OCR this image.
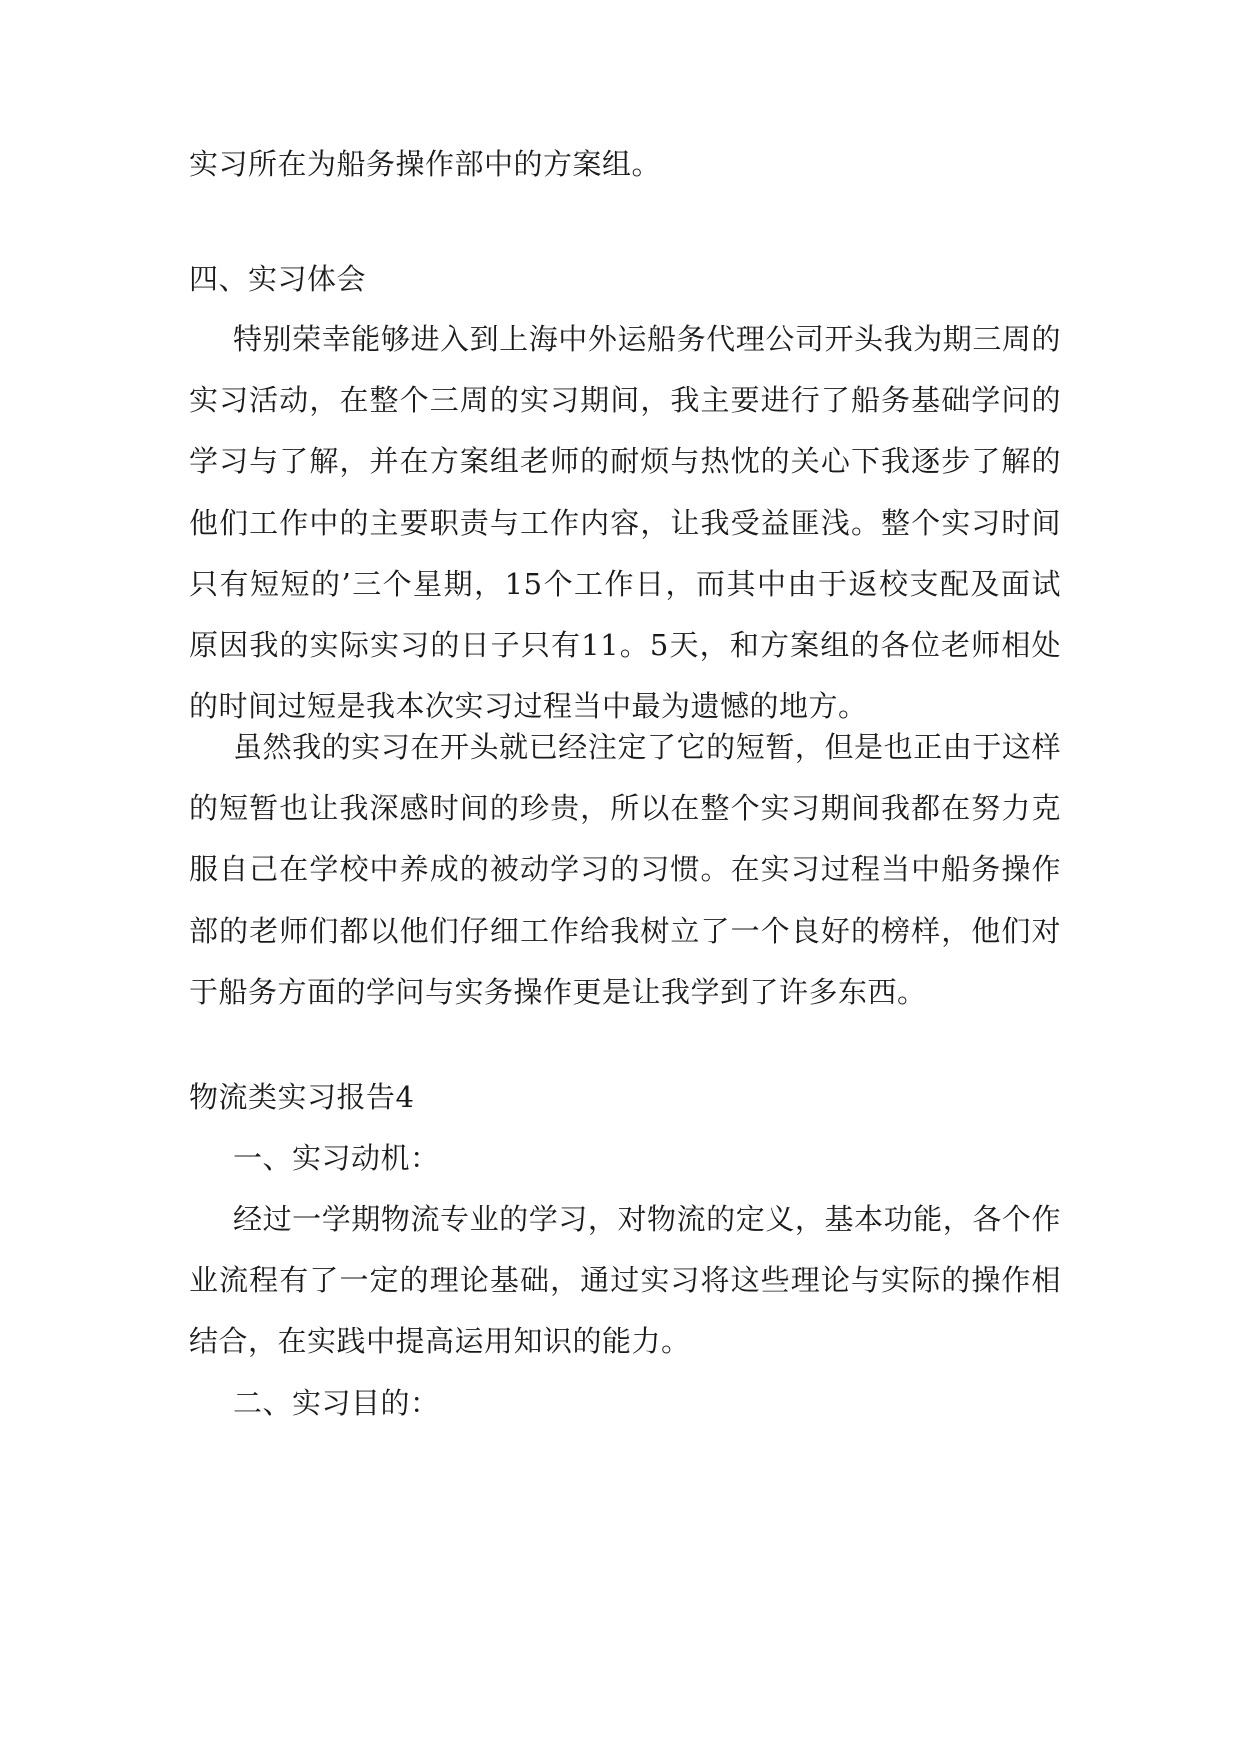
实习所在为船务操作部中的方案组。

四、实习体会

特别荣幸能够进入到上海中外运船务代理公司开头我为期三周的实习活动，在整个三周的实习期间，我主要进行了船务基础学问的学习与了解，并在方案组老师的耐烦与热忱的关心下我逐步了解的他们工作中的主要职责与工作内容，让我受益匪浅。整个实习时间只有短短的’三个星期，15个工作日，而其中由于返校支配及面试原因我的实际实习的日子只有11。5天，和方案组的各位老师相处的时间过短是我本次实习过程当中最为遗憾的地方。

虽然我的实习在开头就已经注定了它的短暂，但是也正由于这样的短暂也让我深感时间的珍贵，所以在整个实习期间我都在努力克服自己在学校中养成的被动学习的习惯。在实习过程当中船务操作部的老师们都以他们仔细工作给我树立了一个良好的榜样，他们对于船务方面的学问与实务操作更是让我学到了许多东西。

物流类实习报告4

一、实习动机：

经过一学期物流专业的学习，对物流的定义，基本功能，各个作业流程有了一定的理论基础，通过实习将这些理论与实际的操作相结合，在实践中提高运用知识的能力。

二、实习目的：
